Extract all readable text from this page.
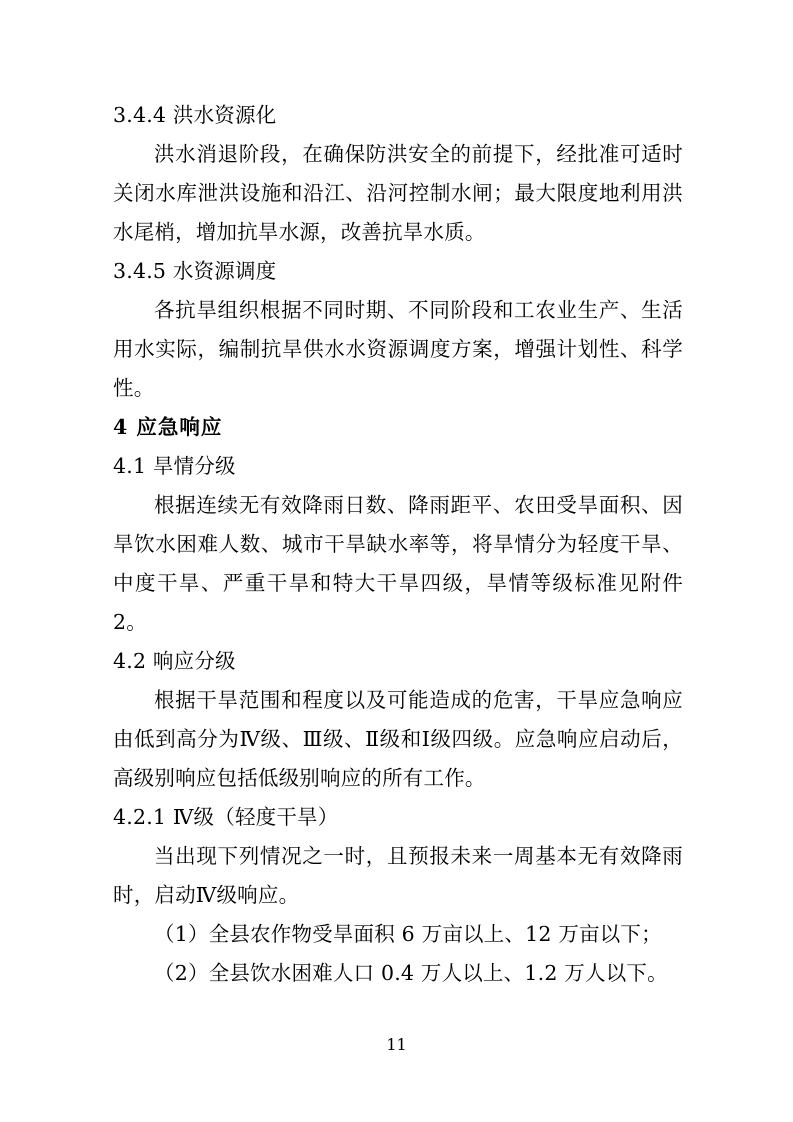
3.4.4 洪水资源化
洪水消退阶段，在确保防洪安全的前提下，经批准可适时关闭水库泄洪设施和沿江、沿河控制水闸；最大限度地利用洪水尾梢，增加抗旱水源，改善抗旱水质。
3.4.5 水资源调度
各抗旱组织根据不同时期、不同阶段和工农业生产、生活用水实际，编制抗旱供水水资源调度方案，增强计划性、科学性。
4 应急响应
4.1 旱情分级
根据连续无有效降雨日数、降雨距平、农田受旱面积、因旱饮水困难人数、城市干旱缺水率等，将旱情分为轻度干旱、中度干旱、严重干旱和特大干旱四级，旱情等级标准见附件 2。
4.2 响应分级
根据干旱范围和程度以及可能造成的危害，干旱应急响应由低到高分为Ⅳ级、Ⅲ级、Ⅱ级和Ⅰ级四级。应急响应启动后，高级别响应包括低级别响应的所有工作。
4.2.1 Ⅳ级（轻度干旱）
当出现下列情况之一时，且预报未来一周基本无有效降雨时，启动Ⅳ级响应。
（1）全县农作物受旱面积 6 万亩以上、12 万亩以下；
（2）全县饮水困难人口 0.4 万人以上、1.2 万人以下。
11
